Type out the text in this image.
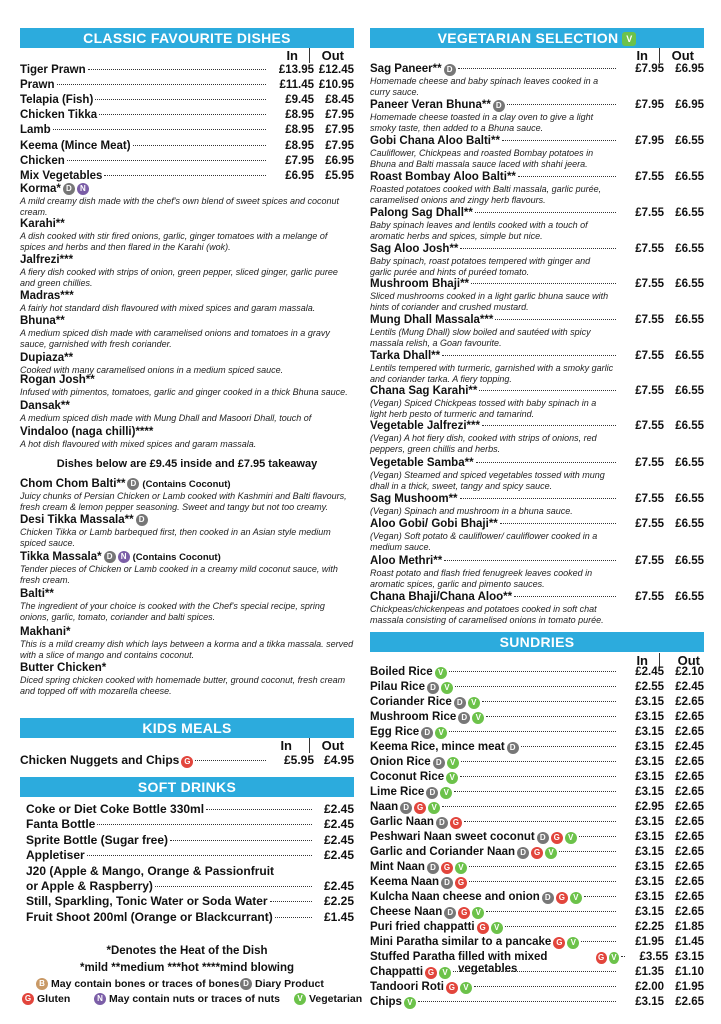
CLASSIC FAVOURITE DISHES
In Out
Tiger Prawn	£13.95 £12.45
Prawn	£11.45 £10.95
Telapia (Fish)	£9.45 £8.45
Chicken Tikka	£8.95 £7.95
Lamb	£8.95 £7.95
Keema (Mince Meat)	£8.95 £7.95
Chicken	£7.95 £6.95
Mix Vegetables	£6.95 £5.95
Korma* D N
A mild creamy dish made with the chef's own blend of sweet spices and coconut cream.
Karahi**
A dish cooked with stir fired onions, garlic, ginger tomatoes with a melange of spices and herbs and then flared in the Karahi (wok).
Jalfrezi***
A fiery dish cooked with strips of onion, green pepper, sliced ginger, garlic puree and green chillies.
Madras***
A fairly hot standard dish flavoured with mixed spices and garam massala.
Bhuna**
A medium spiced dish made with caramelised onions and tomatoes in a gravy sauce, garnished with fresh coriander.
Dupiaza**
Cooked with many caramelised onions in a medium spiced sauce.
Rogan Josh**
Infused with pimentos, tomatoes, garlic and ginger cooked in a thick Bhuna sauce.
Dansak**
A medium spiced dish made with Mung Dhall and Masoori Dhall, touch of
Vindaloo (naga chilli)****
A hot dish flavoured with mixed spices and garam massala.
Dishes below are £9.45 inside and £7.95 takeaway
Chom Chom Balti** D (Contains Coconut)
Juicy chunks of Persian Chicken or Lamb cooked with Kashmiri and Balti flavours, fresh cream & lemon pepper seasoning. Sweet and tangy but not too creamy.
Desi Tikka Massala** D
Chicken Tikka or Lamb barbequed first, then cooked in an Asian style medium spiced sauce.
Tikka Massala* D N (Contains Coconut)
Tender pieces of Chicken or Lamb cooked in a creamy mild coconut sauce, with fresh cream.
Balti**
The ingredient of your choice is cooked with the Chef's special recipe, spring onions, garlic, tomato, coriander and balti spices.
Makhani*
This is a mild creamy dish which lays between a korma and a tikka massala. served with a slice of mango and contains coconut.
Butter Chicken*
Diced spring chicken cooked with homemade butter, ground coconut, fresh cream and topped off with mozarella cheese.
KIDS MEALS
In Out
Chicken Nuggets and Chips G	£5.95 £4.95
SOFT DRINKS
Coke or Diet Coke Bottle 330ml	£2.45
Fanta Bottle	£2.45
Sprite Bottle (Sugar free)	£2.45
Appletiser	£2.45
J20 (Apple & Mango, Orange & Passionfruit
or Apple & Raspberry)	£2.45
Still, Sparkling, Tonic Water or Soda Water	£2.25
Fruit Shoot 200ml (Orange or Blackcurrant)	£1.45
*Denotes the Heat of the Dish
*mild **medium ***hot ****mind blowing
B May contain bones or traces of bones D Diary Product
G Gluten	N May contain nuts or traces of nuts	V Vegetarian
VEGETARIAN SELECTION V
In Out
Sag Paneer** D	£7.95 £6.95
Homemade cheese and baby spinach leaves cooked in a curry sauce.
Paneer Veran Bhuna** D	£7.95 £6.95
Homemade cheese toasted in a clay oven to give a light smoky taste, then added to a Bhuna sauce.
Gobi Chana Aloo Balti**	£7.95 £6.55
Cauliflower, Chickpeas and roasted Bombay potatoes in Bhuna and Balti massala sauce laced with shahi jeera.
Roast Bombay Aloo Balti**	£7.55 £6.55
Roasted potatoes cooked with Balti massala, garlic purée, caramelised onions and zingy herb flavours.
Palong Sag Dhall**	£7.55 £6.55
Baby spinach leaves and lentils cooked with a touch of aromatic herbs and spices, simple but nice.
Sag Aloo Josh**	£7.55 £6.55
Baby spinach, roast potatoes tempered with ginger and garlic purée and hints of puréed tomato.
Mushroom Bhaji**	£7.55 £6.55
Sliced mushrooms cooked in a light garlic bhuna sauce with hints of coriander and crushed mustard.
Mung Dhall Massala***	£7.55 £6.55
Lentils (Mung Dhall) slow boiled and sautéed with spicy massala relish, a Goan favourite.
Tarka Dhall**	£7.55 £6.55
Lentils tempered with turmeric, garnished with a smoky garlic and coriander tarka. A fiery topping.
Chana Sag Karahi**	£7.55 £6.55
(Vegan) Spiced Chickpeas tossed with baby spinach in a light herb pesto of turmeric and tamarind.
Vegetable Jalfrezi***	£7.55 £6.55
(Vegan) A hot fiery dish, cooked with strips of onions, red peppers, green chillis and herbs.
Vegetable Samba**	£7.55 £6.55
(Vegan) Steamed and spiced vegetables tossed with mung dhall in a thick, sweet, tangy and spicy sauce.
Sag Mushoom**	£7.55 £6.55
(Vegan) Spinach and mushroom in a bhuna sauce.
Aloo Gobi/ Gobi Bhaji**	£7.55 £6.55
(Vegan) Soft potato & cauliflower/ cauliflower cooked in a medium sauce.
Aloo Methri**	£7.55 £6.55
Roast potato and flash fried fenugreek leaves cooked in aromatic spices, garlic and pimento sauces.
Chana Bhaji/Chana Aloo**	£7.55 £6.55
Chickpeas/chickenpeas and potatoes cooked in soft chat massala consisting of caramelised onions in tomato purée.
SUNDRIES
In Out
Boiled Rice V	£2.45 £2.10
Pilau Rice D	V	£2.55 £2.45
Coriander Rice D	V	£3.15 £2.65
Mushroom Rice D	V	£3.15 £2.65
Egg Rice D	V	£3.15 £2.65
Keema Rice, mince meat D	£3.15 £2.45
Onion Rice D	V	£3.15 £2.65
Coconut Rice V	£3.15 £2.65
Lime Rice D	V	£3.15 £2.65
Naan D G	V	£2.95 £2.65
Garlic Naan D G	£3.15 £2.65
Peshwari Naan sweet coconut D G	V	£3.15 £2.65
Garlic and Coriander Naan D G	V	£3.15 £2.65
Mint Naan D G	V	£3.15 £2.65
Keema Naan D G	£3.15 £2.65
Kulcha Naan cheese and onion D G	V	£3.15 £2.65
Cheese Naan D G	V	£3.15 £2.65
Puri fried chappatti G	V	£2.25 £1.85
Mini Paratha similar to a pancake G	V	£1.95 £1.45
Stuffed Paratha filled with mixed vegetables
G V	£3.55 £3.15
Chappatti G	V	£1.35 £1.10
Tandoori Roti G	V	£2.00 £1.95
Chips V	£3.15 £2.65
